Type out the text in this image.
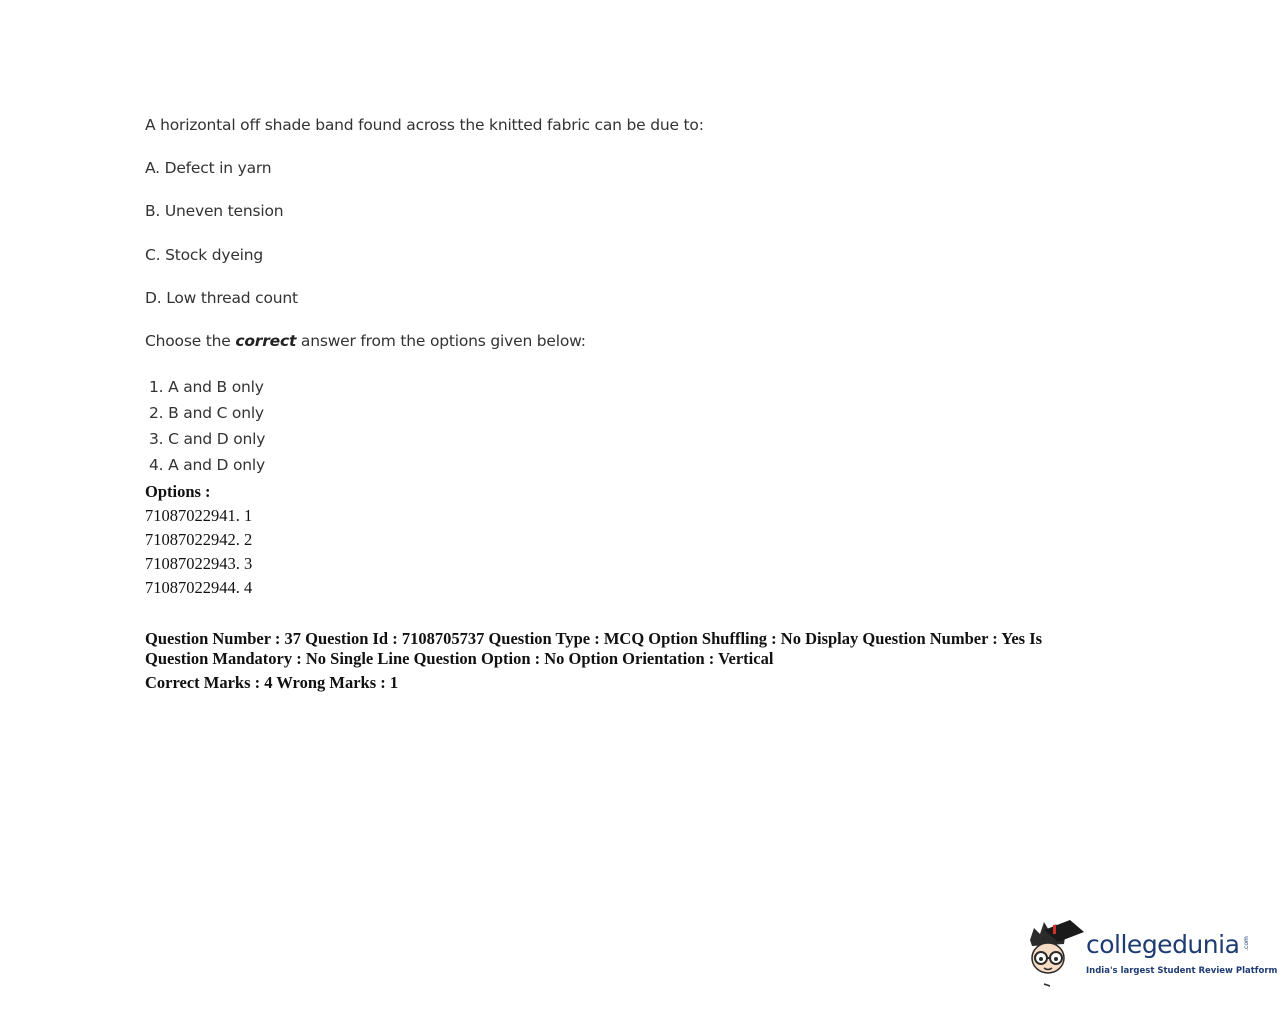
A horizontal off shade band found across the knitted fabric can be due to:
A. Defect in yarn
B. Uneven tension
C. Stock dyeing
D. Low thread count
Choose the correct answer from the options given below:
1. A and B only
2. B and C only
3. C and D only
4. A and D only
Options :
71087022941. 1
71087022942. 2
71087022943. 3
71087022944. 4
Question Number : 37 Question Id : 7108705737 Question Type : MCQ Option Shuffling : No Display Question Number : Yes Is
Question Mandatory : No Single Line Question Option : No Option Orientation : Vertical
Correct Marks : 4 Wrong Marks : 1
collegedunia .com
India's largest Student Review Platform
